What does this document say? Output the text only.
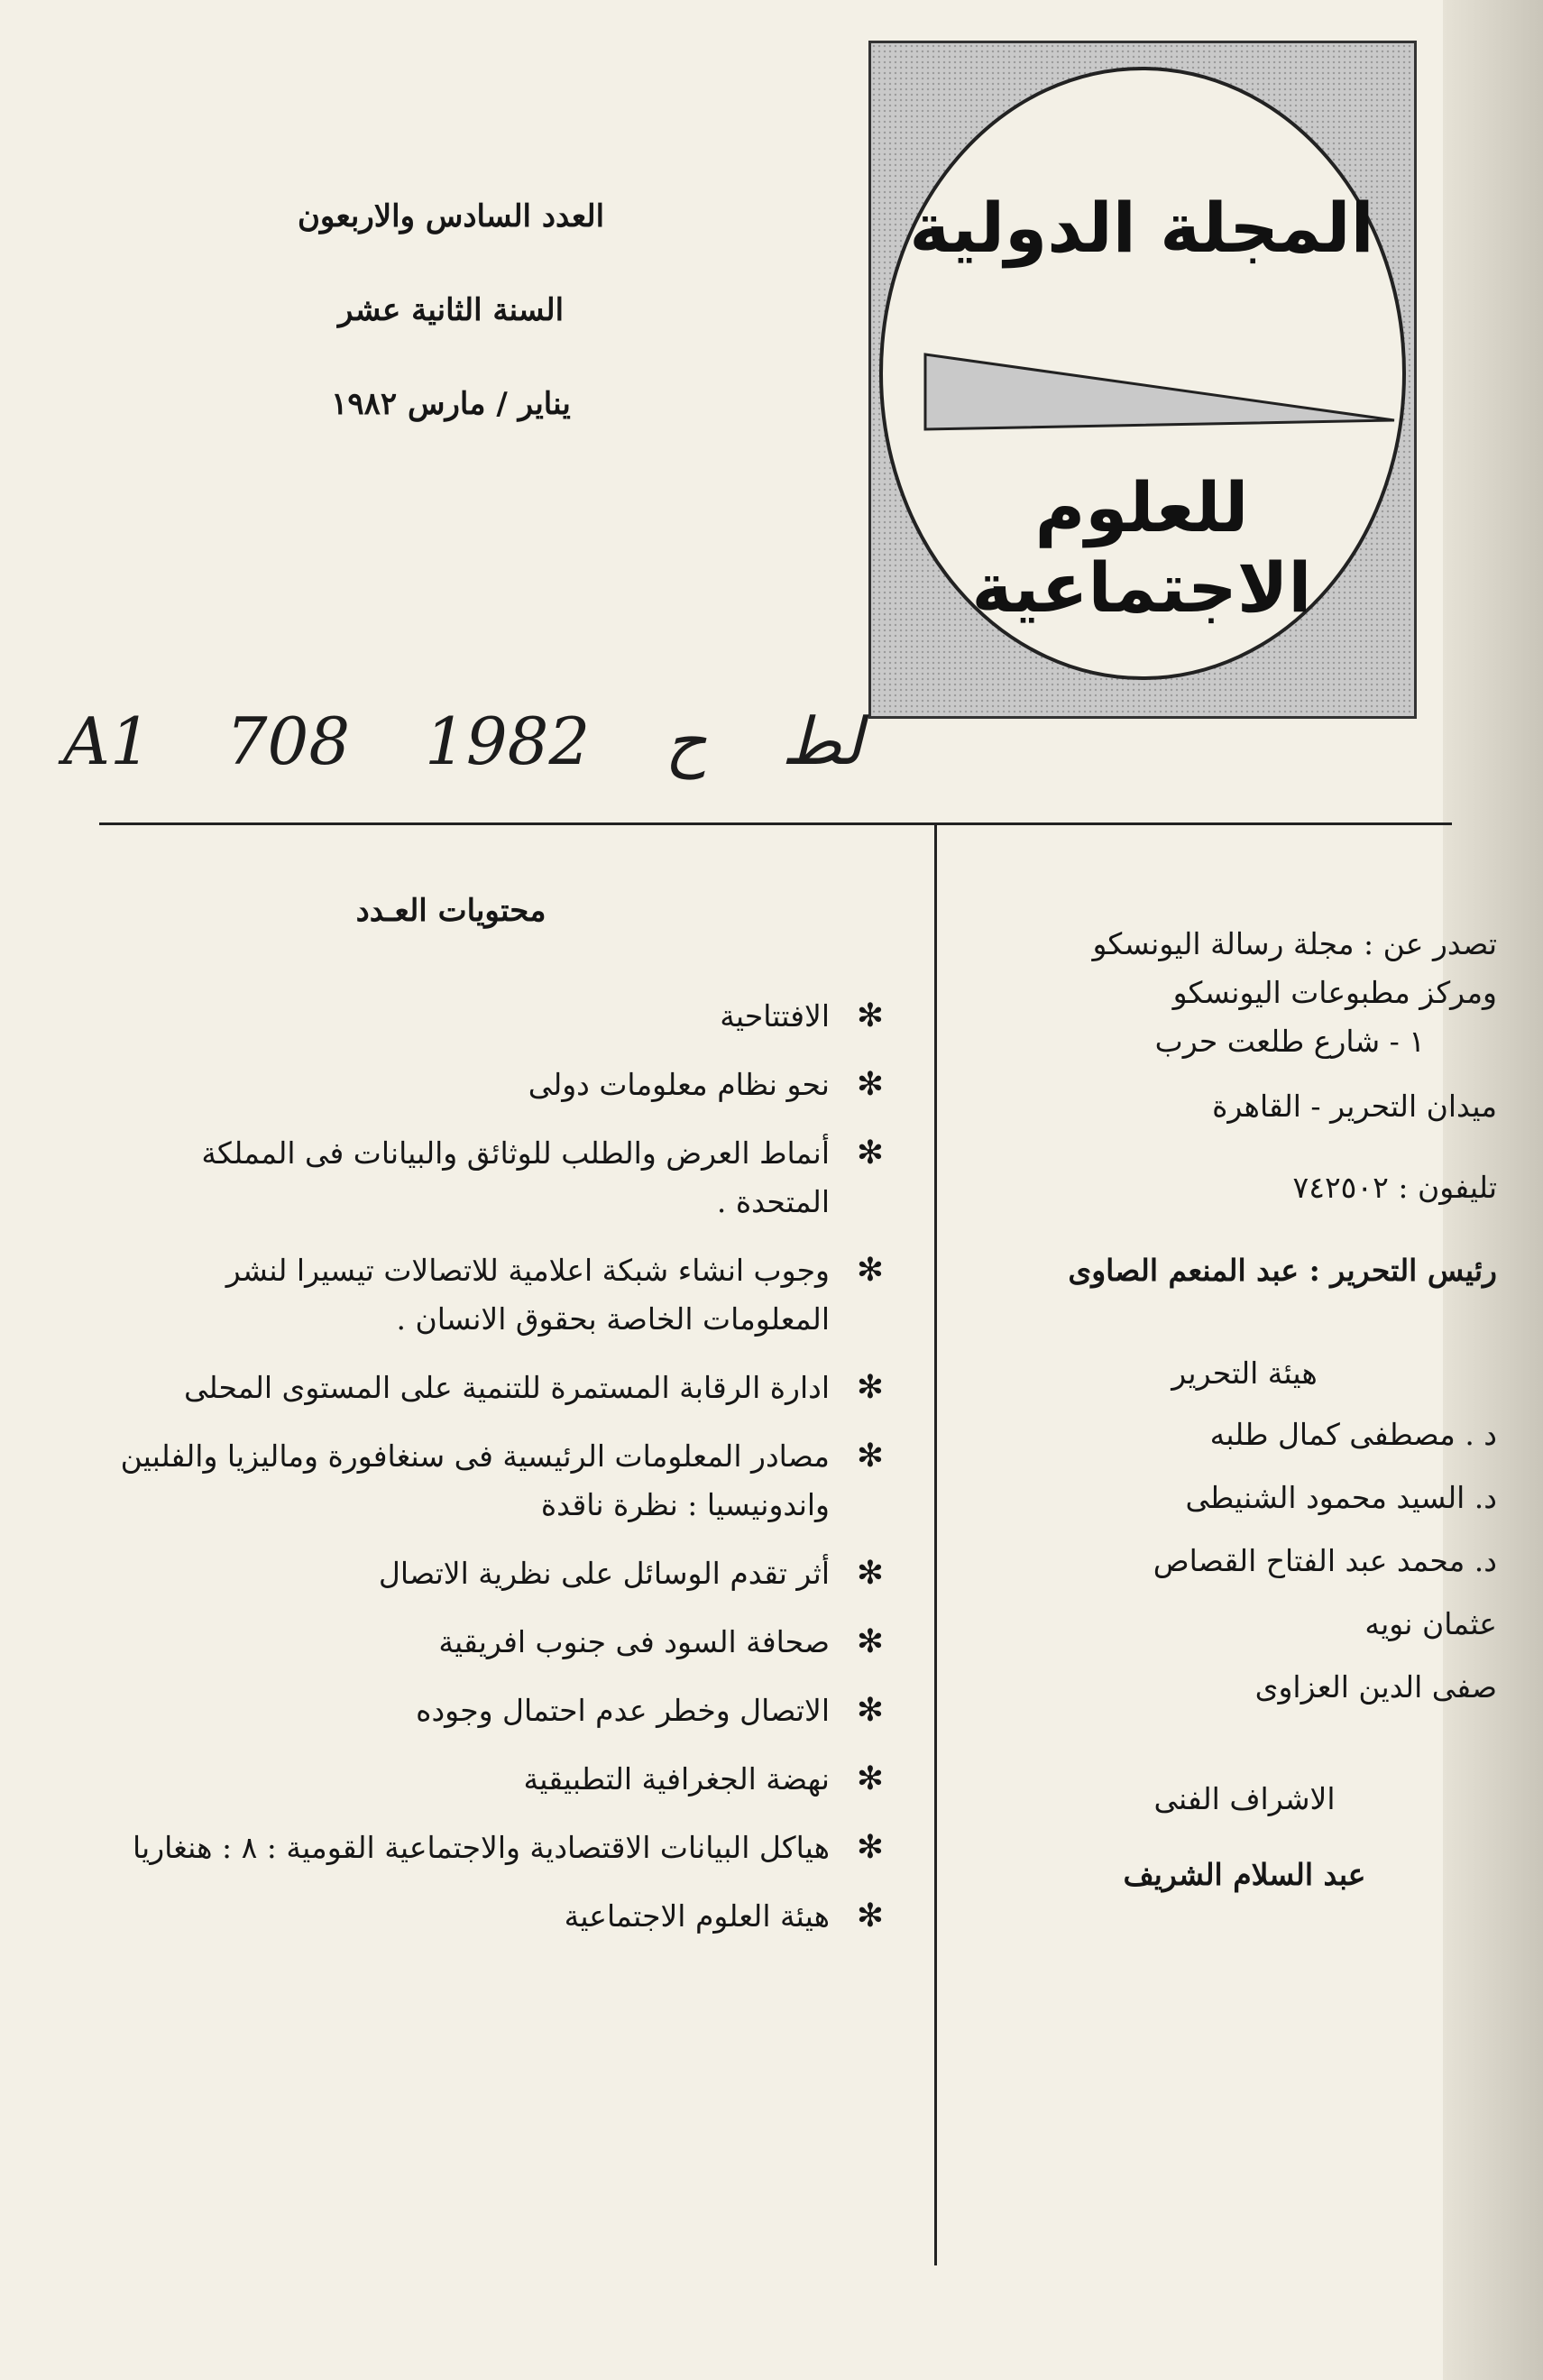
المجلة الدولية
للعلوم الاجتماعية
العدد السادس والاربعون
السنة الثانية عشر
يناير / مارس ١٩٨٢
A1	لط ح 1982 708
محتويات العـدد
✻
الافتتاحية
✻
نحو نظام معلومات دولى
✻
أنماط العرض والطلب للوثائق والبيانات فى المملكة المتحدة .
✻
وجوب انشاء شبكة اعلامية للاتصالات تيسيرا لنشر المعلومات الخاصة بحقوق الانسان .
✻
ادارة الرقابة المستمرة للتنمية على المستوى المحلى
✻
مصادر المعلومات الرئيسية فى سنغافورة وماليزيا والفلبين واندونيسيا : نظرة ناقدة
✻
أثر تقدم الوسائل على نظرية الاتصال
✻
صحافة السود فى جنوب افريقية
✻
الاتصال وخطر عدم احتمال وجوده
✻
نهضة الجغرافية التطبيقية
✻
هياكل البيانات الاقتصادية والاجتماعية القومية : ٨ : هنغاريا
✻
هيئة العلوم الاجتماعية
تصدر عن : مجلة رسالة اليونسكو
ومركز مطبوعات اليونسكو
١ - شارع طلعت حرب
ميدان التحرير - القاهرة
تليفون : ٧٤٢٥٠٢
رئيس التحرير : عبد المنعم الصاوى
هيئة التحرير
د . مصطفى كمال طلبه
د. السيد محمود الشنيطى
د. محمد عبد الفتاح القصاص
عثمان نويه
صفى الدين العزاوى
الاشراف الفنى
عبد السلام الشريف
